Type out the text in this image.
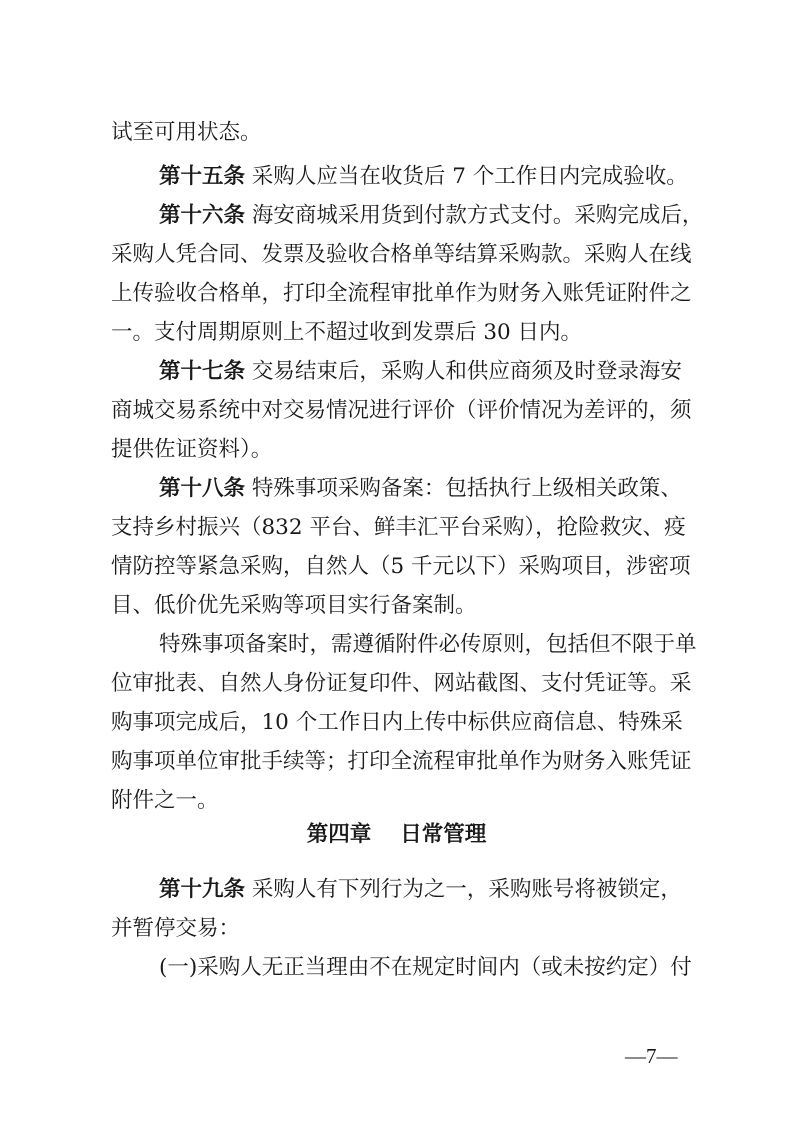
试至可用状态。
第十五条 采购人应当在收货后 7 个工作日内完成验收。
第十六条 海安商城采用货到付款方式支付。采购完成后，
采购人凭合同、发票及验收合格单等结算采购款。采购人在线
上传验收合格单，打印全流程审批单作为财务入账凭证附件之
一。支付周期原则上不超过收到发票后 30 日内。
第十七条 交易结束后，采购人和供应商须及时登录海安
商城交易系统中对交易情况进行评价（评价情况为差评的，须
提供佐证资料）。
第十八条 特殊事项采购备案：包括执行上级相关政策、
支持乡村振兴（832 平台、鲜丰汇平台采购），抢险救灾、疫
情防控等紧急采购，自然人（5 千元以下）采购项目，涉密项
目、低价优先采购等项目实行备案制。
特殊事项备案时，需遵循附件必传原则，包括但不限于单
位审批表、自然人身份证复印件、网站截图、支付凭证等。采
购事项完成后，10 个工作日内上传中标供应商信息、特殊采
购事项单位审批手续等；打印全流程审批单作为财务入账凭证
附件之一。
第四章　 日常管理
第十九条 采购人有下列行为之一，采购账号将被锁定，
并暂停交易：
(一)采购人无正当理由不在规定时间内（或未按约定）付
—7—
